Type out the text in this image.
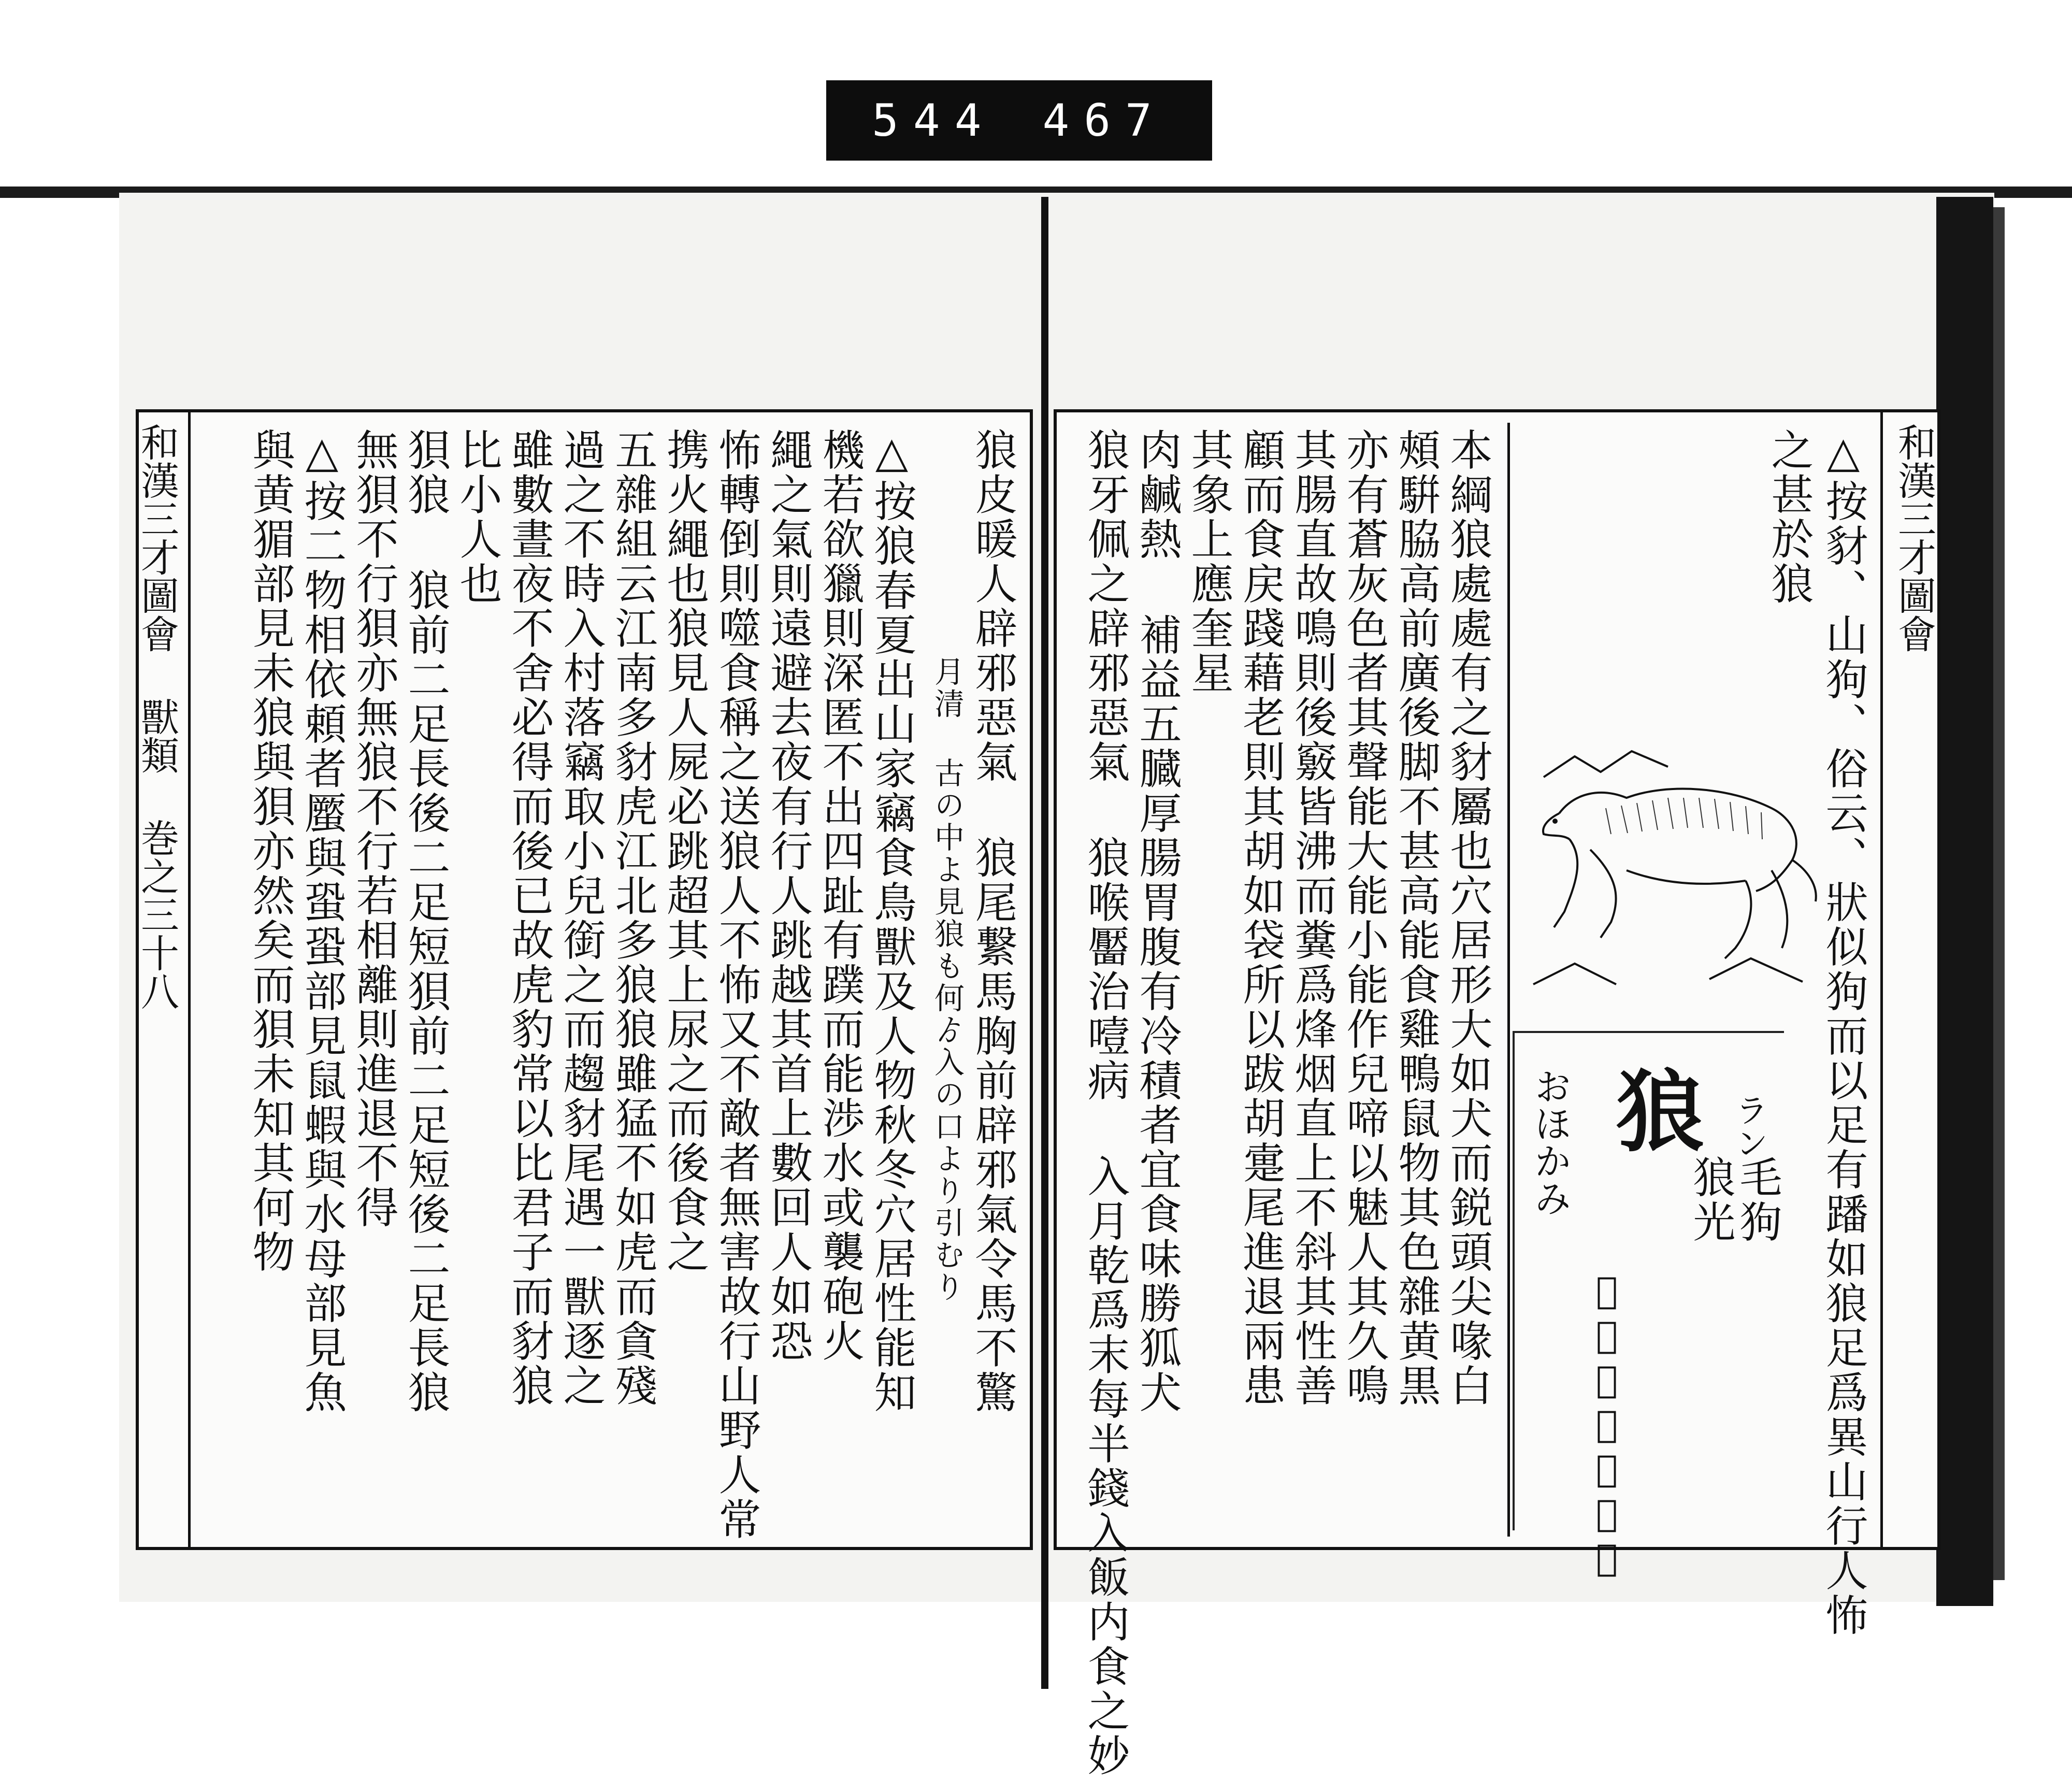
544 467
和漢三才圖會 獸類 巻之三十八	狼皮暖人辟邪惡氣 狼尾繋馬胸前辟邪氣令馬不驚
月清 古の中よ見狼も何ゟ入の口より引むり
△按狼春夏出山家竊食鳥獸及人物秋冬穴居性能知
機若欲獵則深匿不出四趾有蹼而能渉水或襲砲火
繩之氣則遠避去夜有行人跳越其首上數回人如恐
怖轉倒則噬食稱之送狼人不怖又不敵者無害故行山野人常
携火繩也狼見人屍必跳超其上尿之而後食之
五雜組云江南多豺虎江北多狼狼雖猛不如虎而貪殘
過之不時入村落竊取小兒銜之而趨豺尾遇一獸逐之
雖數晝夜不舍必得而後已故虎豹常以比君子而豺狼
比小人也
狽狼 狼前二足長後二足短狽前二足短後二足長狼
無狽不行狽亦無狼不行若相離則進退不得
△按二物相依頼者蟨與蛩蛩部見鼠蝦與水母部見魚
與黄猸部見未狼與狽亦然矣而狽未知其何物	和漢三才圖會
△按豺、山狗、俗云、狀似狗而以足有蹯如狼足爲異山行人怖
之甚於狼
本綱狼處處有之豺屬也穴居形大如犬而鋭頭尖喙白
頰騈脇高前廣後脚不甚高能食雞鴨鼠物其色雜黄黒
亦有蒼灰色者其聲能大能小能作兒啼以魅人其久鳴
其腸直故鳴則後竅皆沸而糞爲烽烟直上不斜其性善
顧而食戻踐藉老則其胡如袋所以跋胡疐尾進退兩患
其象上應奎星
肉鹹熱 補益五臓厚腸胃腹有冷積者宜食味勝狐犬
狼牙佩之辟邪惡氣 狼喉靨治噎病 入月乾爲末每半錢入飯内食之妙	狼
おほかみ	ラン
毛狗
狼光
𤞱和名於保加美
